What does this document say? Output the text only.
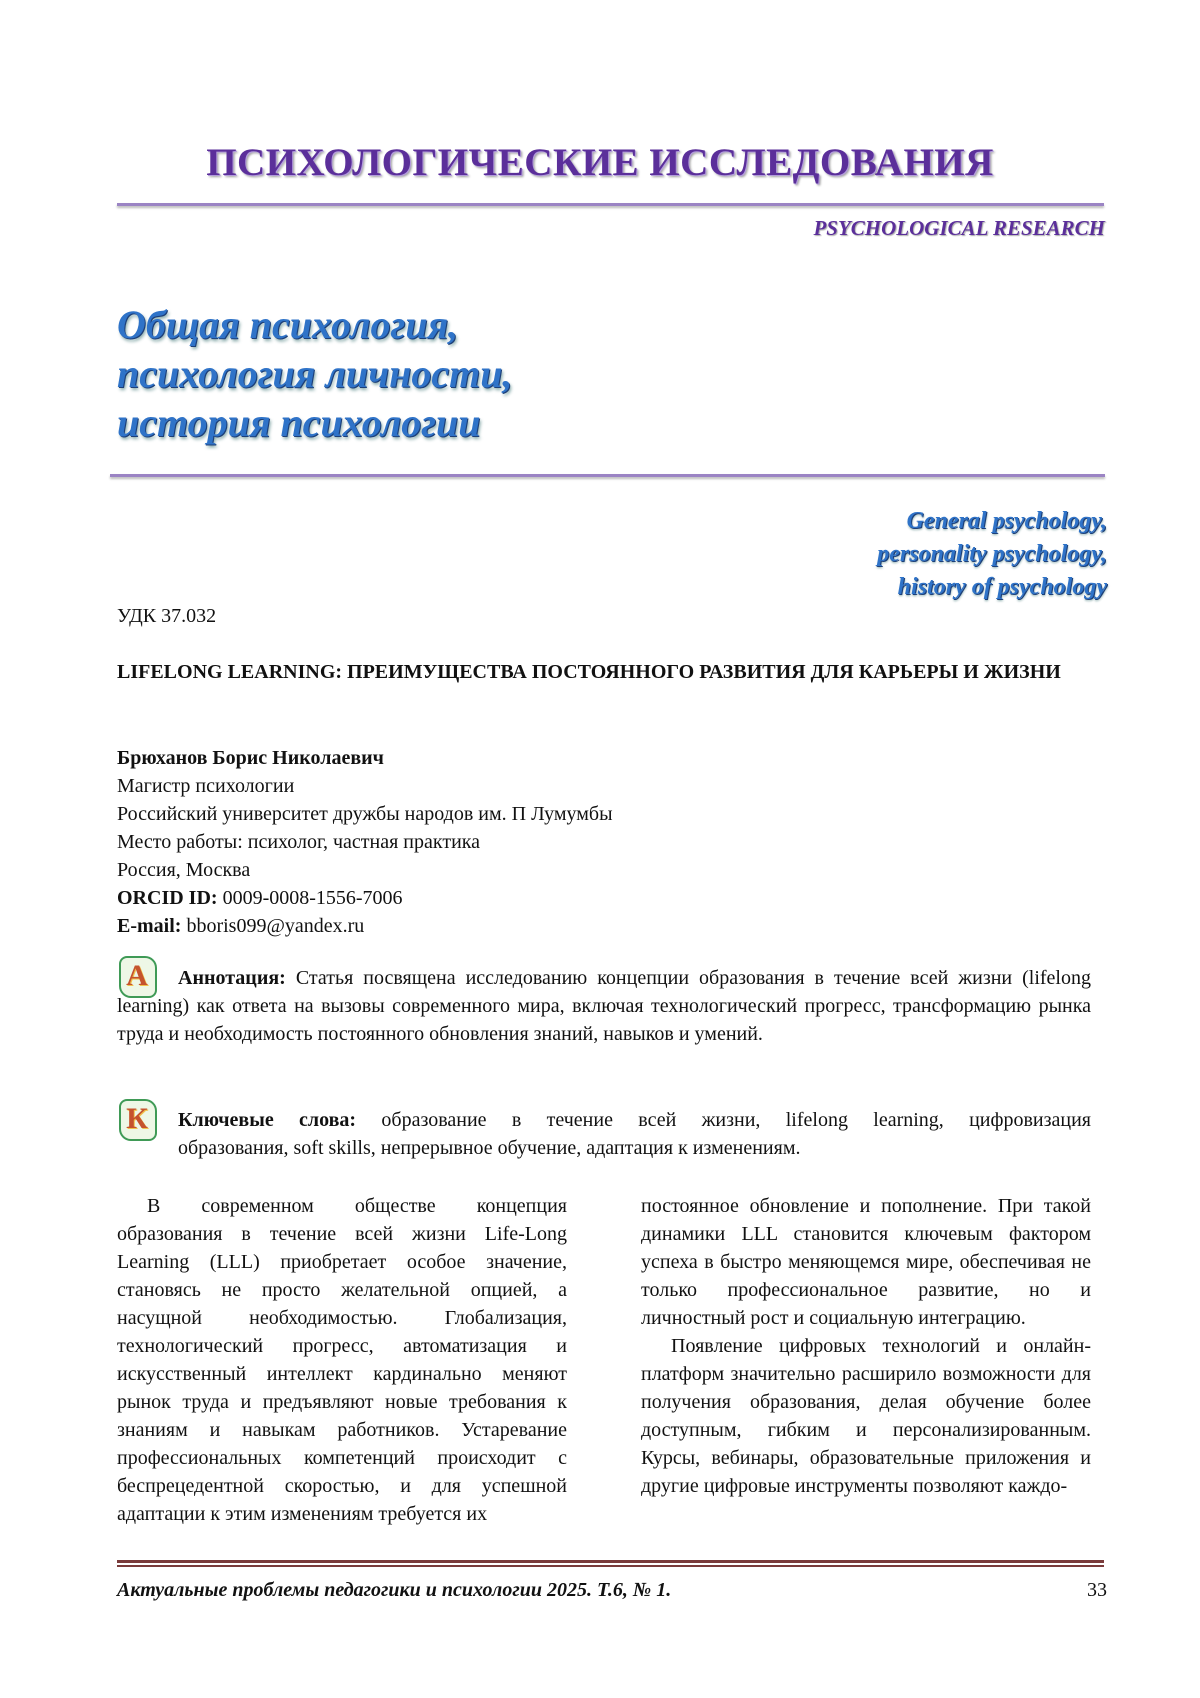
ПСИХОЛОГИЧЕСКИЕ ИССЛЕДОВАНИЯ
PSYCHOLOGICAL RESEARCH
Общая психология,
психология личности,
история психологии
General psychology,
personality psychology,
history of psychology
УДК 37.032
LIFELONG LEARNING: ПРЕИМУЩЕСТВА ПОСТОЯННОГО РАЗВИТИЯ ДЛЯ КАРЬЕРЫ И ЖИЗНИ
Брюханов Борис Николаевич
Магистр психологии
Российский университет дружбы народов им. П Лумумбы
Место работы: психолог, частная практика
Россия, Москва
ORCID ID: 0009-0008-1556-7006
E-mail: bboris099@yandex.ru
А	Аннотация: Статья посвящена исследованию концепции образования в течение всей жизни (lifelong learning) как ответа на вызовы современного мира, включая технологический прогресс, трансформацию рынка труда и необходимость постоянного обновления знаний, навыков и умений.
К	Ключевые слова: образование в течение всей жизни, lifelong learning, цифровизация
образования, soft skills, непрерывное обучение, адаптация к изменениям.

В современном обществе концепция образования в течение всей жизни Life-Long Learning (LLL) приобретает особое значение, становясь не просто желательной опцией, а насущной необходимостью. Глобализация, технологический прогресс, автоматизация и искусственный интеллект кардинально меняют рынок труда и предъявляют новые требования к знаниям и навыкам работников. Устаревание профессиональных компетенций происходит с беспрецедентной скоростью, и для успешной адаптации к этим изменениям требуется их

постоянное обновление и пополнение. При такой динамики LLL становится ключевым фактором успеха в быстро меняющемся мире, обеспечивая не только профессиональное развитие, но и личностный рост и социальную интеграцию.

Появление цифровых технологий и онлайн-платформ значительно расширило возможности для получения образования, делая обучение более доступным, гибким и персонализированным. Курсы, вебинары, образовательные приложения и другие цифровые инструменты позволяют каждо-

Актуальные проблемы педагогики и психологии 2025. Т.6, № 1.	33
